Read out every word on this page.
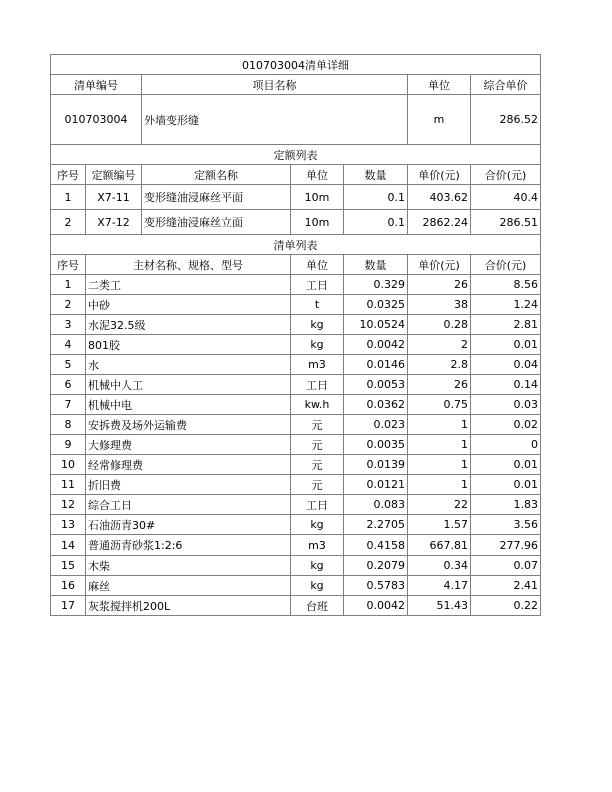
010703004清单详细			
清单编号	项目名称	单位	综合单价
010703004	外墙变形缝	m	286.52
定额列表						
序号	定额编号	定额名称	单位	数量	单价(元)	合价(元)
1	X7-11	变形缝油浸麻丝平面	10m	0.1	403.62	40.4
2	X7-12	变形缝油浸麻丝立面	10m	0.1	2862.24	286.51
清单列表					
序号	主材名称、规格、型号	单位	数量	单价(元)	合价(元)
1	二类工	工日	0.329	26	8.56
2	中砂	t	0.0325	38	1.24
3	水泥32.5级	kg	10.0524	0.28	2.81
4	801胶	kg	0.0042	2	0.01
5	水	m3	0.0146	2.8	0.04
6	机械中人工	工日	0.0053	26	0.14
7	机械中电	kw.h	0.0362	0.75	0.03
8	安拆费及场外运输费	元	0.023	1	0.02
9	大修理费	元	0.0035	1	0
10	经常修理费	元	0.0139	1	0.01
11	折旧费	元	0.0121	1	0.01
12	综合工日	工日	0.083	22	1.83
13	石油沥青30#	kg	2.2705	1.57	3.56
14	普通沥青砂浆1:2:6	m3	0.4158	667.81	277.96
15	木柴	kg	0.2079	0.34	0.07
16	麻丝	kg	0.5783	4.17	2.41
17	灰浆搅拌机200L	台班	0.0042	51.43	0.22
